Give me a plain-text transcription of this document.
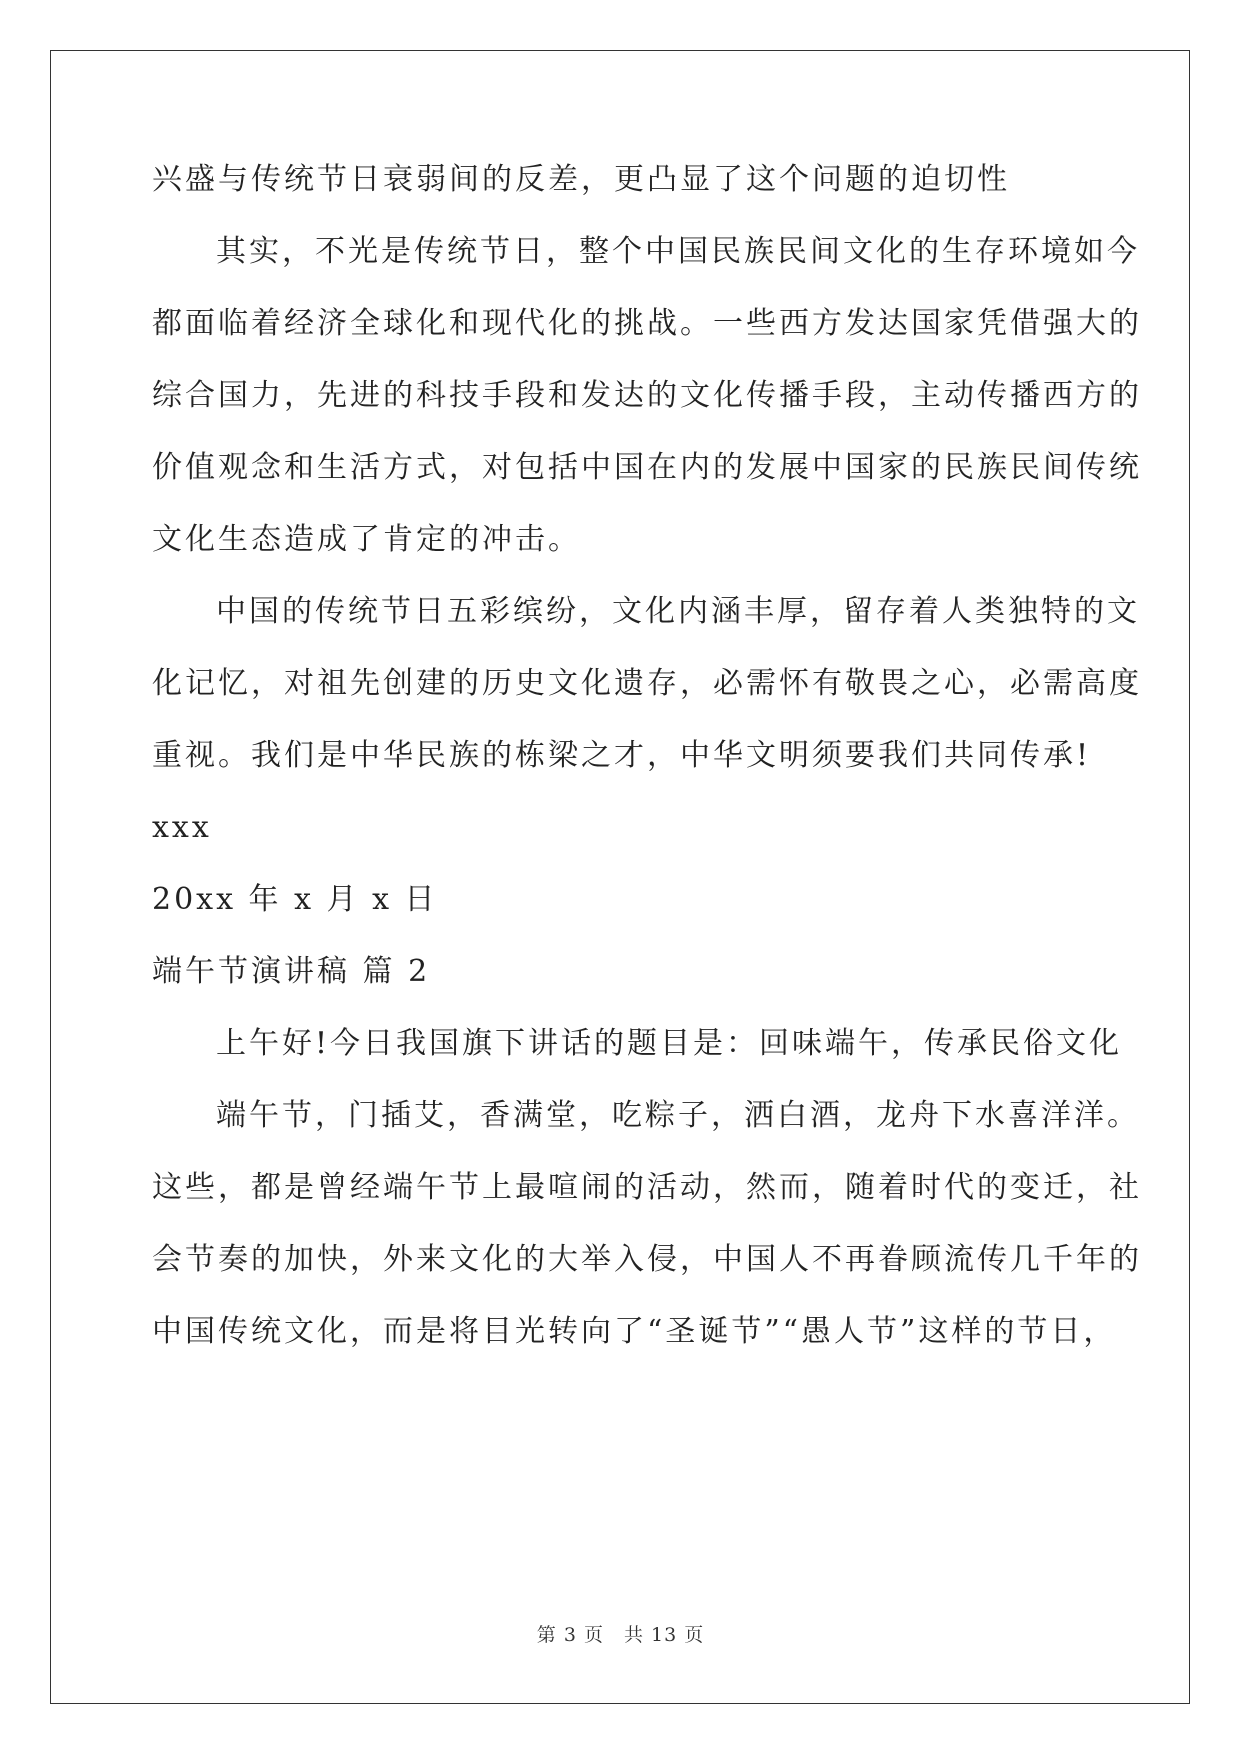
兴盛与传统节日衰弱间的反差，更凸显了这个问题的迫切性
其实，不光是传统节日，整个中国民族民间文化的生存环境如今
都面临着经济全球化和现代化的挑战。一些西方发达国家凭借强大的
综合国力，先进的科技手段和发达的文化传播手段，主动传播西方的
价值观念和生活方式，对包括中国在内的发展中国家的民族民间传统
文化生态造成了肯定的冲击。
中国的传统节日五彩缤纷，文化内涵丰厚，留存着人类独特的文
化记忆，对祖先创建的历史文化遗存，必需怀有敬畏之心，必需高度
重视。我们是中华民族的栋梁之才，中华文明须要我们共同传承!
xxx
20xx 年 x 月 x 日
端午节演讲稿 篇 2
上午好!今日我国旗下讲话的题目是：回味端午，传承民俗文化
端午节，门插艾，香满堂，吃粽子，洒白酒，龙舟下水喜洋洋。
这些，都是曾经端午节上最喧闹的活动，然而，随着时代的变迁，社
会节奏的加快，外来文化的大举入侵，中国人不再眷顾流传几千年的
中国传统文化，而是将目光转向了“圣诞节”“愚人节”这样的节日，
第 3 页　共 13 页
